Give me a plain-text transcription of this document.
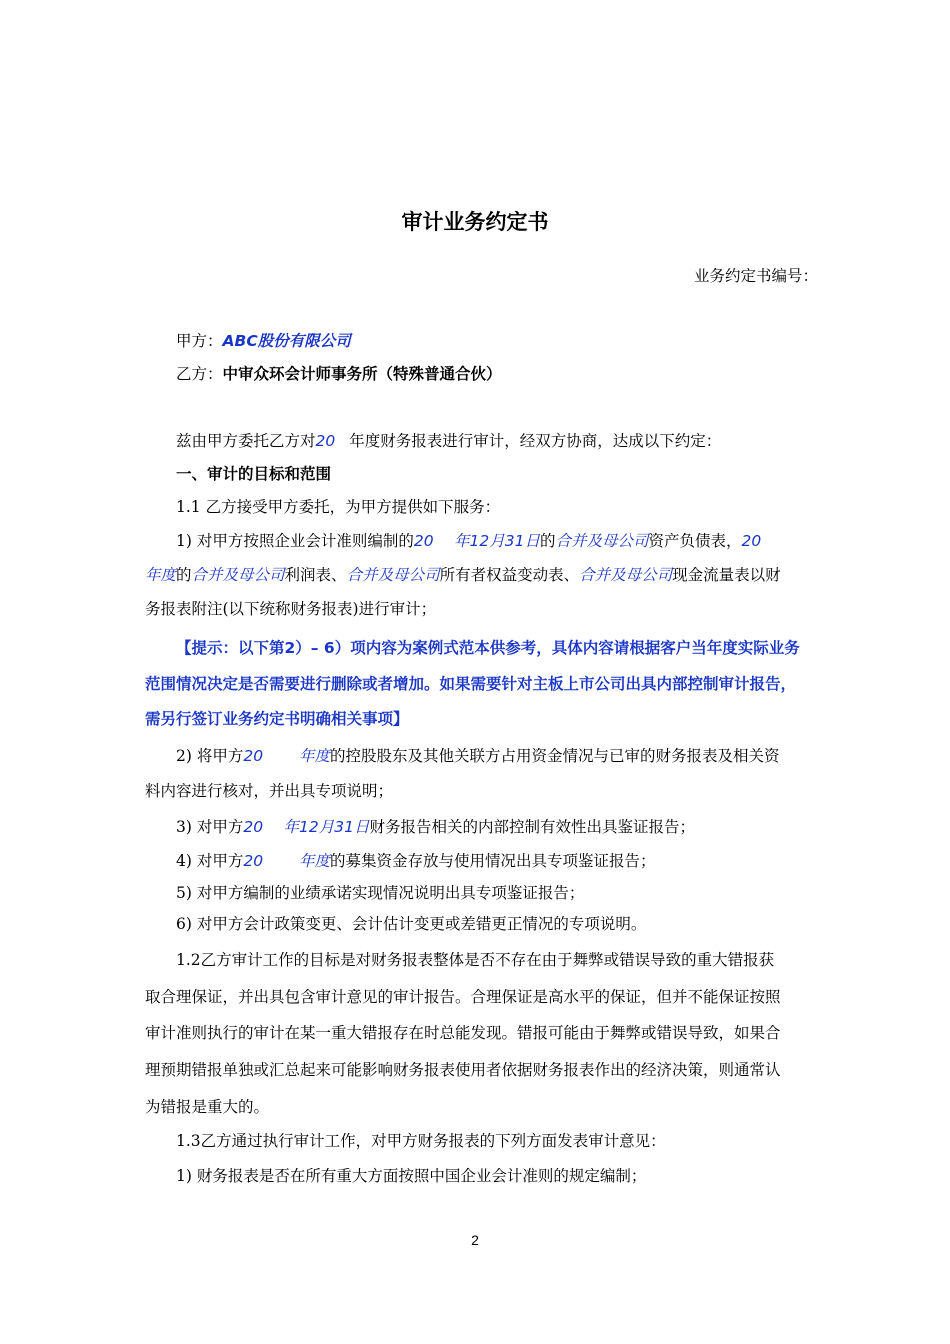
审计业务约定书
业务约定书编号：
甲方：ABC股份有限公司
乙方：中审众环会计师事务所（特殊普通合伙）
兹由甲方委托乙方对20 年度财务报表进行审计，经双方协商，达成以下约定：
一、审计的目标和范围
1.1 乙方接受甲方委托，为甲方提供如下服务：
1) 对甲方按照企业会计准则编制的20　 年12月31日的合并及母公司资产负债表，20
年度的合并及母公司利润表、合并及母公司所有者权益变动表、合并及母公司现金流量表以财
务报表附注(以下统称财务报表)进行审计；
【提示：以下第2）– 6）项内容为案例式范本供参考，具体内容请根据客户当年度实际业务
范围情况决定是否需要进行删除或者增加。如果需要针对主板上市公司出具内部控制审计报告，
需另行签订业务约定书明确相关事项】
2) 将甲方20　　 年度的控股股东及其他关联方占用资金情况与已审的财务报表及相关资
料内容进行核对，并出具专项说明；
3) 对甲方20　 年12月31日财务报告相关的内部控制有效性出具鉴证报告；
4) 对甲方20　　 年度的募集资金存放与使用情况出具专项鉴证报告；
5) 对甲方编制的业绩承诺实现情况说明出具专项鉴证报告；
6) 对甲方会计政策变更、会计估计变更或差错更正情况的专项说明。
1.2乙方审计工作的目标是对财务报表整体是否不存在由于舞弊或错误导致的重大错报获
取合理保证，并出具包含审计意见的审计报告。合理保证是高水平的保证，但并不能保证按照
审计准则执行的审计在某一重大错报存在时总能发现。错报可能由于舞弊或错误导致，如果合
理预期错报单独或汇总起来可能影响财务报表使用者依据财务报表作出的经济决策，则通常认
为错报是重大的。
1.3乙方通过执行审计工作，对甲方财务报表的下列方面发表审计意见：
1) 财务报表是否在所有重大方面按照中国企业会计准则的规定编制；
2
